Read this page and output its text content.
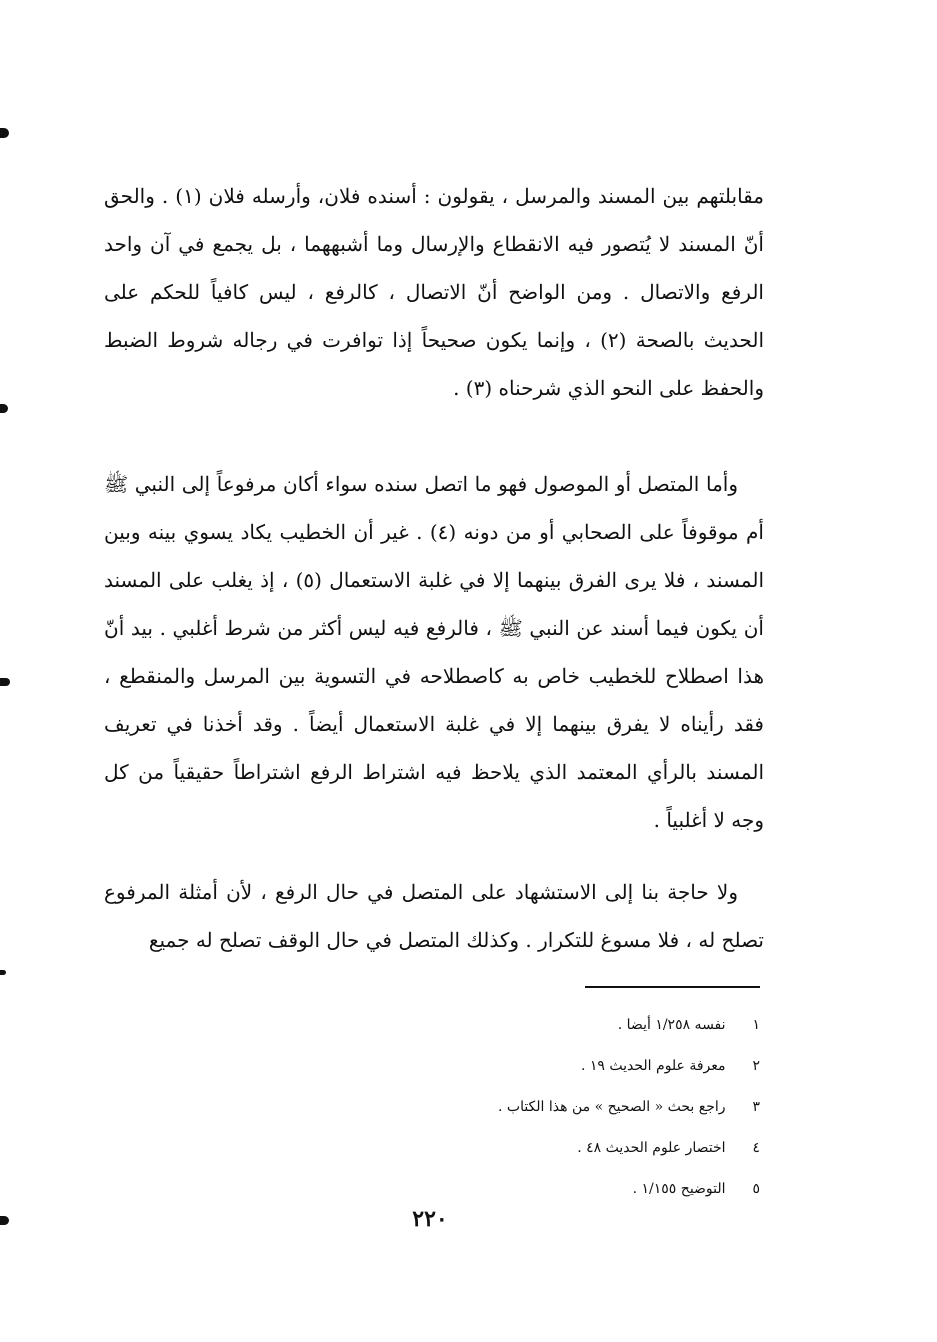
مقابلتهم بين المسند والمرسل ، يقولون : أسنده فلان، وأرسله فلان (١) . والحق أنّ المسند لا يُتصور فيه الانقطاع والإرسال وما أشبههما ، بل يجمع في آن واحد الرفع والاتصال . ومن الواضح أنّ الاتصال ، كالرفع ، ليس كافياً للحكم على الحديث بالصحة (٢) ، وإنما يكون صحيحاً إذا توافرت في رجاله شروط الضبط والحفظ على النحو الذي شرحناه (٣) .

وأما المتصل أو الموصول فهو ما اتصل سنده سواء أكان مرفوعاً إلى النبي ﷺ أم موقوفاً على الصحابي أو من دونه (٤) . غير أن الخطيب يكاد يسوي بينه وبين المسند ، فلا يرى الفرق بينهما إلا في غلبة الاستعمال (٥) ، إذ يغلب على المسند أن يكون فيما أسند عن النبي ﷺ ، فالرفع فيه ليس أكثر من شرط أغلبي . بيد أنّ هذا اصطلاح للخطيب خاص به كاصطلاحه في التسوية بين المرسل والمنقطع ، فقد رأيناه لا يفرق بينهما إلا في غلبة الاستعمال أيضاً . وقد أخذنا في تعريف المسند بالرأي المعتمد الذي يلاحظ فيه اشتراط الرفع اشتراطاً حقيقياً من كل وجه لا أغلبياً .

ولا حاجة بنا إلى الاستشهاد على المتصل في حال الرفع ، لأن أمثلة المرفوع تصلح له ، فلا مسوغ للتكرار . وكذلك المتصل في حال الوقف تصلح له جميع

١ نفسه ١/٢٥٨ أيضا .
٢ معرفة علوم الحديث ١٩ .
٣ راجع بحث « الصحيح » من هذا الكتاب .
٤ اختصار علوم الحديث ٤٨ .
٥ التوضيح ١/١٥٥ .
٢٢٠
